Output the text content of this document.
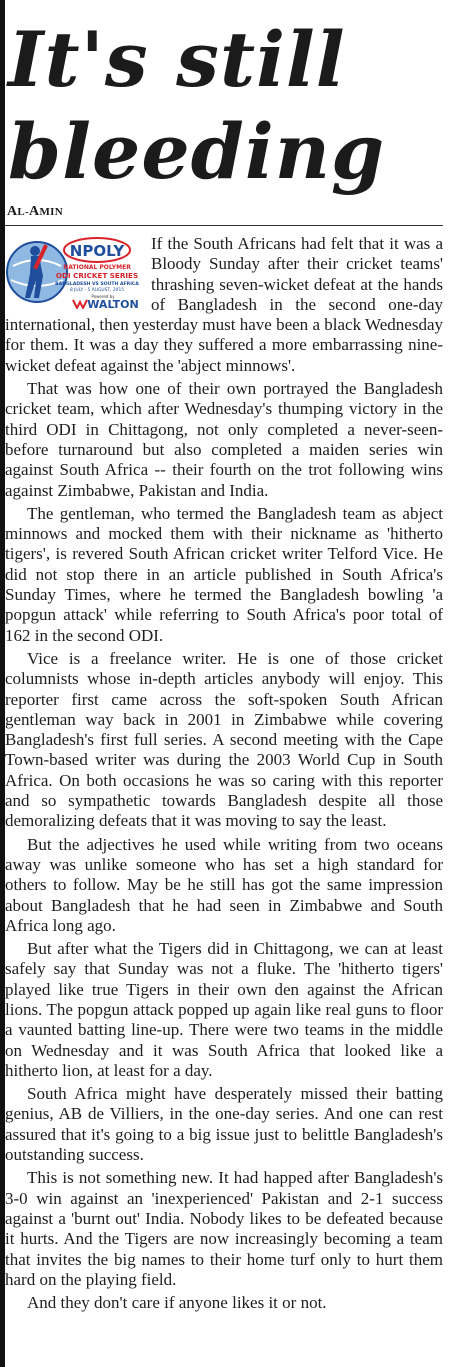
It's still
bleeding
AL-AMIN
NPOLY
NATIONAL POLYMER
ODI CRICKET SERIES
BANGLADESH VS SOUTH AFRICA
8 JULY - 5 AUGUST, 2015
Powered by
WALTON

If the South Africans had felt that it was a Bloody Sunday after their cricket teams' thrashing seven-wicket defeat at the hands of Bangladesh in the second one-day international, then yesterday must have been a black Wednesday for them. It was a day they suffered a more embarrassing nine-wicket defeat against the 'abject minnows'.

That was how one of their own portrayed the Bangladesh cricket team, which after Wednesday's thumping victory in the third ODI in Chittagong, not only completed a never-seen-before turnaround but also completed a maiden series win against South Africa -- their fourth on the trot following wins against Zimbabwe, Pakistan and India.

The gentleman, who termed the Bangladesh team as abject minnows and mocked them with their nickname as 'hitherto tigers', is revered South African cricket writer Telford Vice. He did not stop there in an article published in South Africa's Sunday Times, where he termed the Bangladesh bowling 'a popgun attack' while referring to South Africa's poor total of 162 in the second ODI.

Vice is a freelance writer. He is one of those cricket columnists whose in-depth articles anybody will enjoy. This reporter first came across the soft-spoken South African gentleman way back in 2001 in Zimbabwe while covering Bangladesh's first full series. A second meeting with the Cape Town-based writer was during the 2003 World Cup in South Africa. On both occasions he was so caring with this reporter and so sympathetic towards Bangladesh despite all those demoralizing defeats that it was moving to say the least.

But the adjectives he used while writing from two oceans away was unlike someone who has set a high standard for others to follow. May be he still has got the same impression about Bangladesh that he had seen in Zimbabwe and South Africa long ago.

But after what the Tigers did in Chittagong, we can at least safely say that Sunday was not a fluke. The 'hitherto tigers' played like true Tigers in their own den against the African lions. The popgun attack popped up again like real guns to floor a vaunted batting line-up. There were two teams in the middle on Wednesday and it was South Africa that looked like a hitherto lion, at least for a day.

South Africa might have desperately missed their batting genius, AB de Villiers, in the one-day series. And one can rest assured that it's going to a big issue just to belittle Bangladesh's outstanding success.

This is not something new. It had happed after Bangladesh's 3-0 win against an 'inexperienced' Pakistan and 2-1 success against a 'burnt out' India. Nobody likes to be defeated because it hurts. And the Tigers are now increasingly becoming a team that invites the big names to their home turf only to hurt them hard on the playing field.

And they don't care if anyone likes it or not.
